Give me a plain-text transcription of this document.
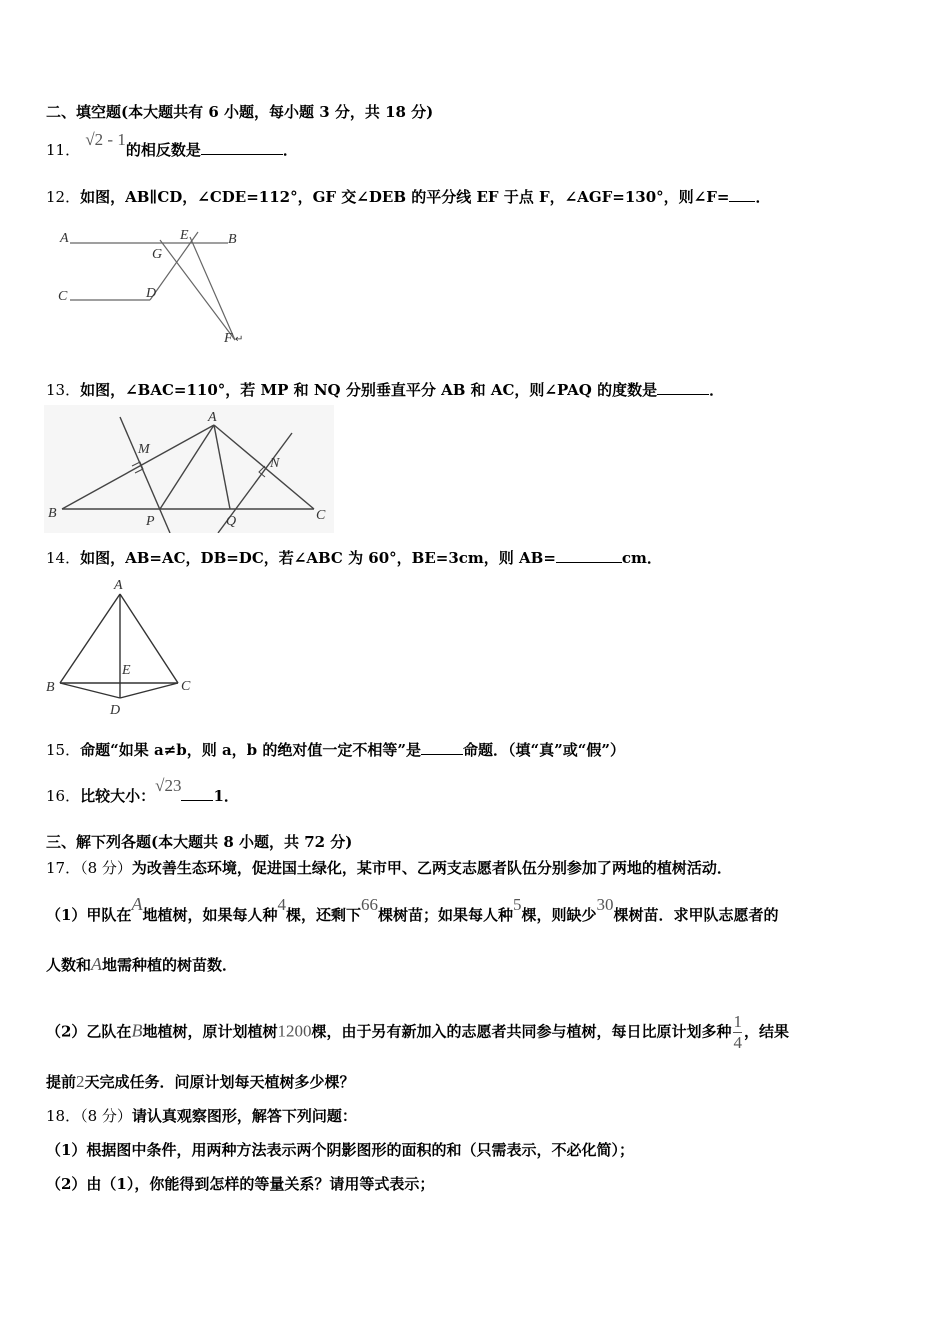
二、填空题(本大题共有 6 小题，每小题 3 分，共 18 分)
11． √2 - 1的相反数是	．
12．如图，AB∥CD，∠CDE=112°，GF 交∠DEB 的平分线 EF 于点 F，∠AGF=130°，则∠F= ．
A	B
C	D
E
G
F ↵
13．如图，∠BAC=110°，若 MP 和 NQ 分别垂直平分 AB 和 AC，则∠PAQ 的度数是	．
B
A
C
M
N
P	Q
14．如图，AB=AC，DB=DC，若∠ABC 为 60°，BE=3cm，则 AB=	cm．
A
B	C
D
E
15．命题“如果 a≠b，则 a，b 的绝对值一定不相等”是	命题．（填“真”或“假”）
16．比较大小：√231．
三、解下列各题(本大题共 8 小题，共 72 分)
17．（8 分）为改善生态环境，促进国土绿化，某市甲、乙两支志愿者队伍分别参加了两地的植树活动．
（1）甲队在A地植树，如果每人种4棵，还剩下66棵树苗；如果每人种5棵，则缺少30棵树苗．求甲队志愿者的
人数和A地需种植的树苗数．
（2）乙队在B地植树，原计划植树1200棵，由于另有新加入的志愿者共同参与植树，每日比原计划多种 $\frac{1}{4}$ ，结果
提前2天完成任务．问原计划每天植树多少棵？
18．（8 分）请认真观察图形，解答下列问题：
（1）根据图中条件，用两种方法表示两个阴影图形的面积的和（只需表示，不必化简）；
（2）由（1），你能得到怎样的等量关系？请用等式表示；
